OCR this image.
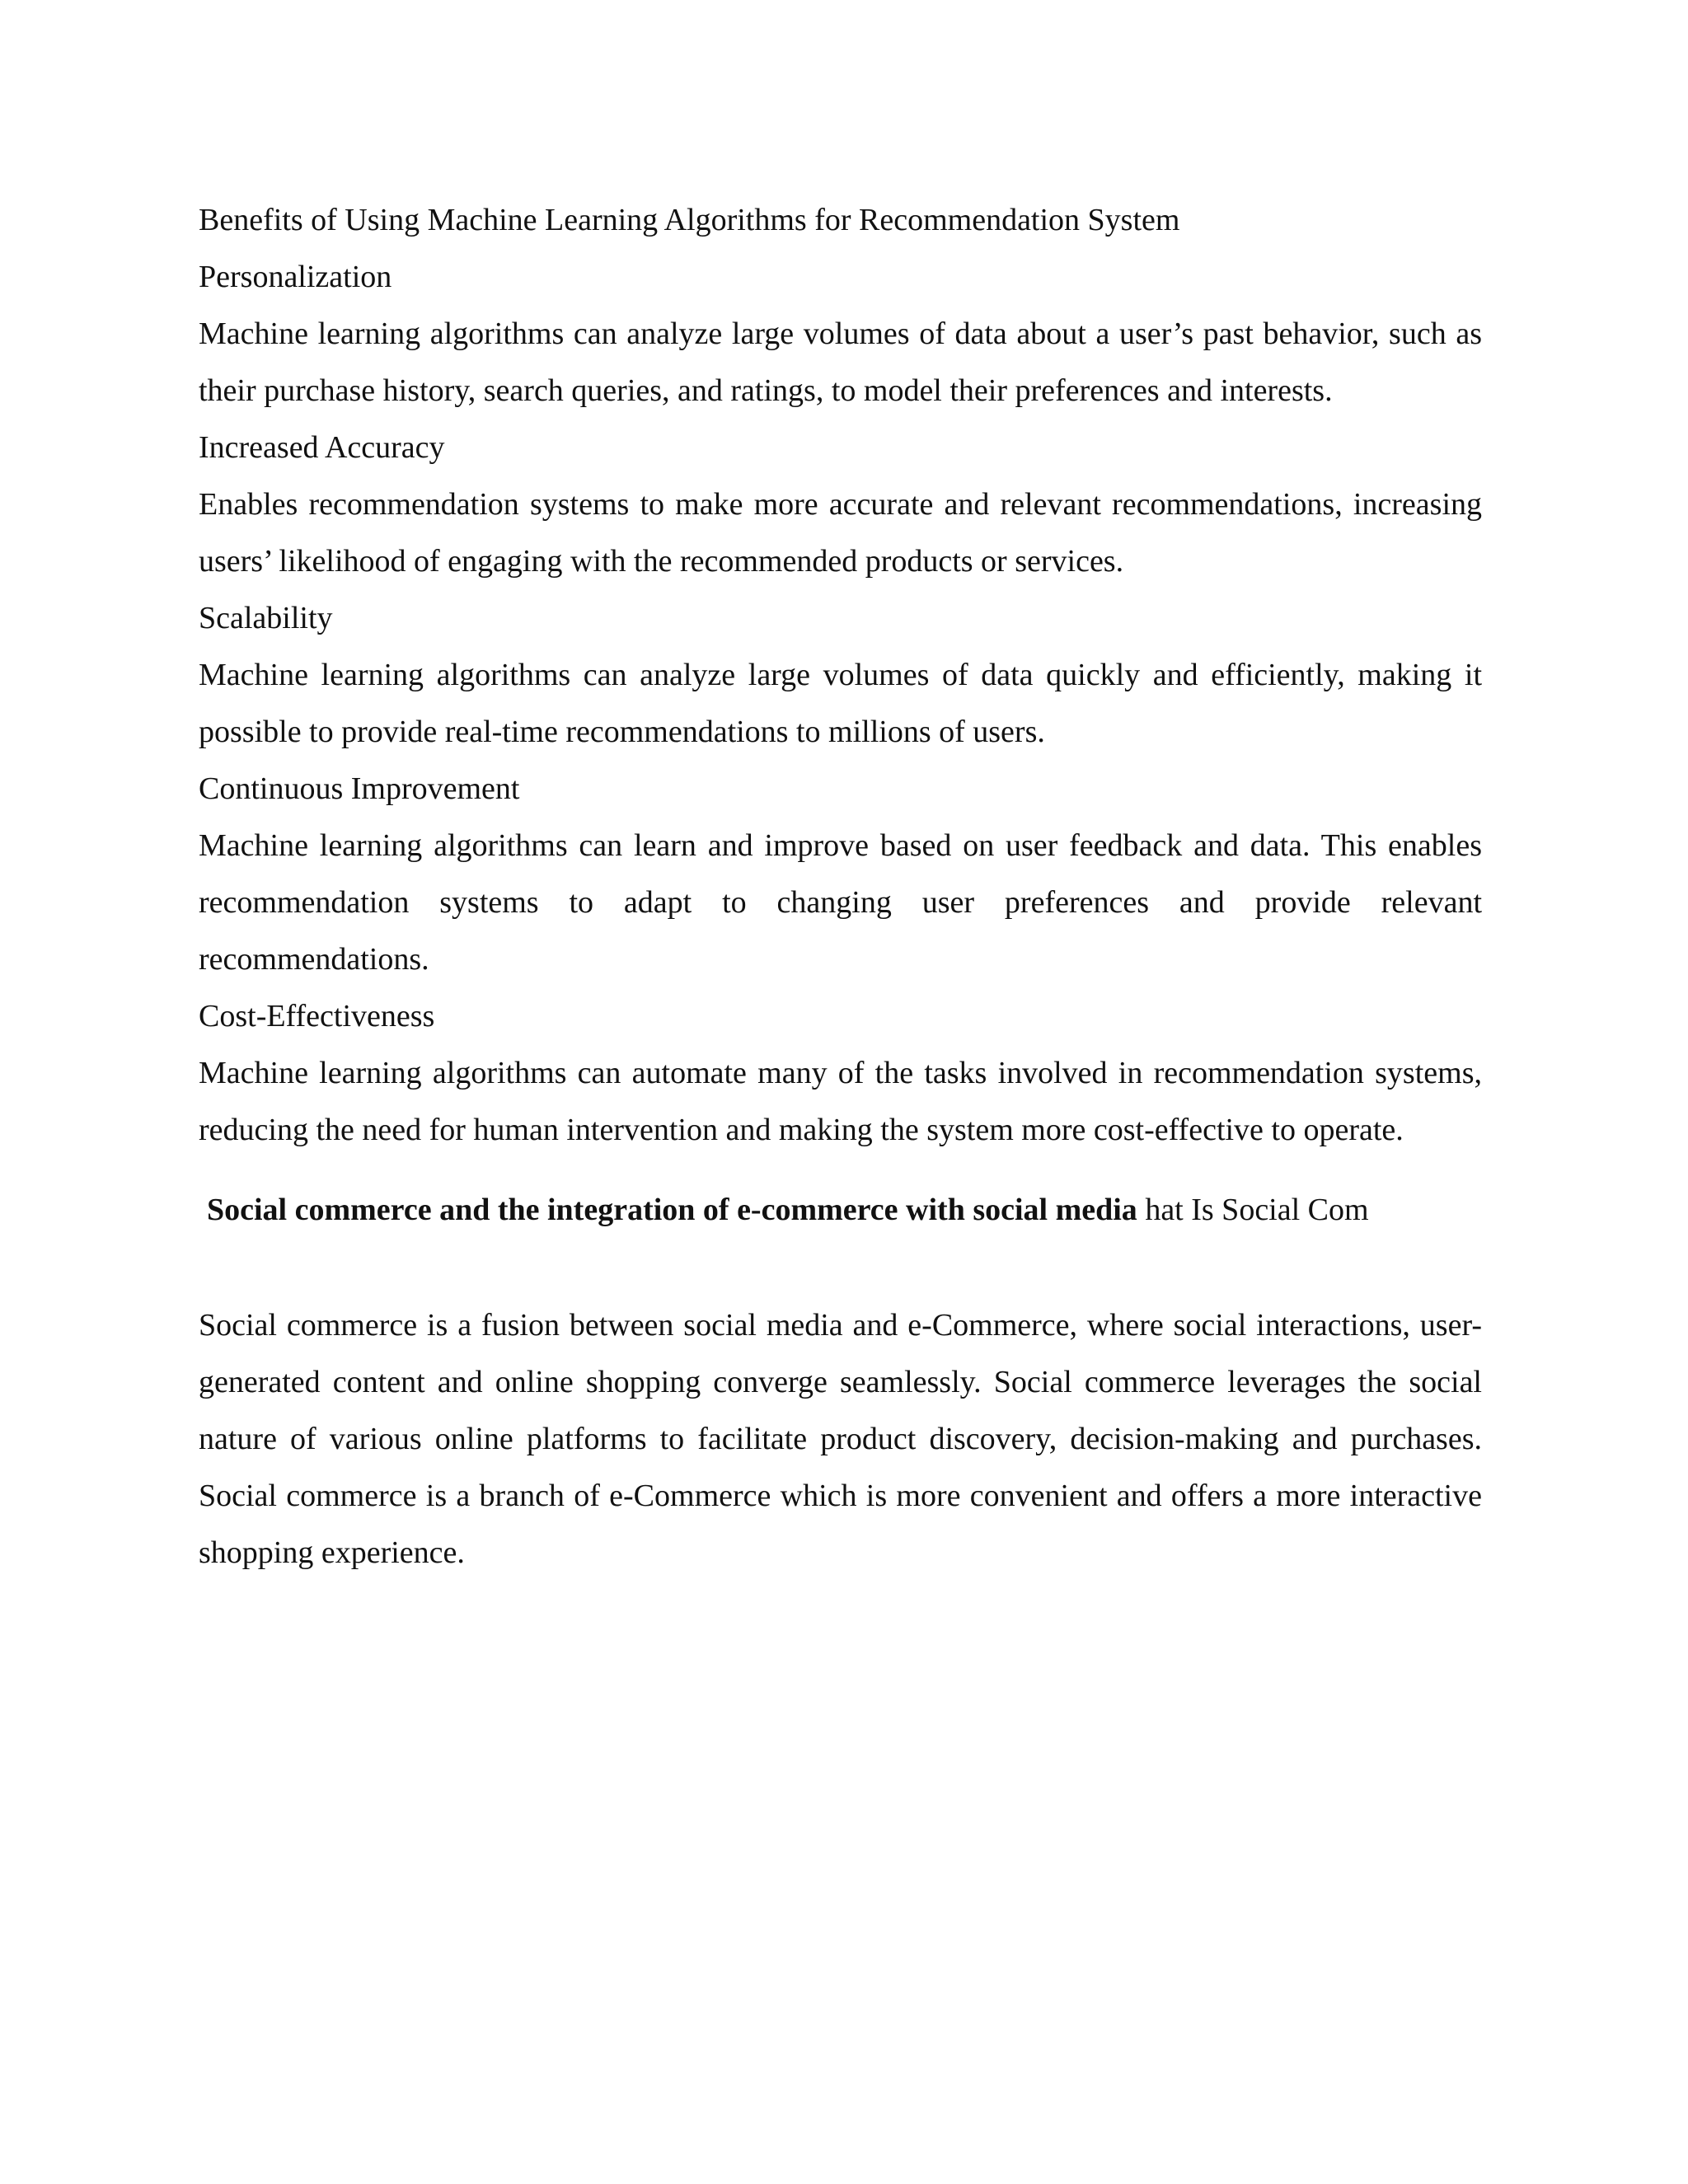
Benefits of Using Machine Learning Algorithms for Recommendation System

Personalization

Machine learning algorithms can analyze large volumes of data about a user’s past behavior, such as their purchase history, search queries, and ratings, to model their preferences and interests.

Increased Accuracy

Enables recommendation systems to make more accurate and relevant recommendations, increasing users’ likelihood of engaging with the recommended products or services.

Scalability

Machine learning algorithms can analyze large volumes of data quickly and efficiently, making it possible to provide real-time recommendations to millions of users.

Continuous Improvement

Machine learning algorithms can learn and improve based on user feedback and data. This enables recommendation systems to adapt to changing user preferences and provide relevant recommendations.

Cost-Effectiveness

Machine learning algorithms can automate many of the tasks involved in recommendation systems, reducing the need for human intervention and making the system more cost-effective to operate.

Social commerce and the integration of e-commerce with social media hat Is Social Com

Social commerce is a fusion between social media and e-Commerce, where social interactions, user-generated content and online shopping converge seamlessly. Social commerce leverages the social nature of various online platforms to facilitate product discovery, decision-making and purchases. Social commerce is a branch of e-Commerce which is more convenient and offers a more interactive shopping experience.
